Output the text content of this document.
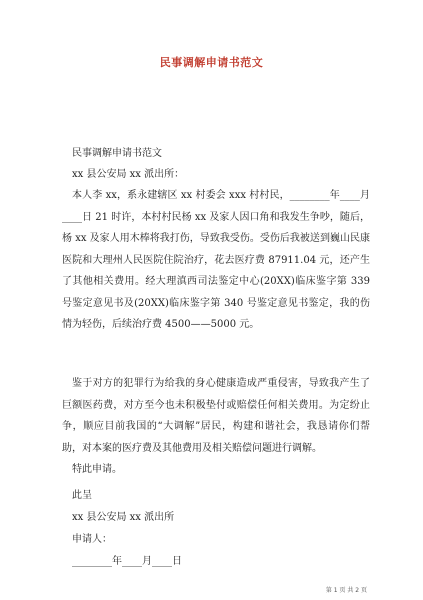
民事调解申请书范文
民事调解申请书范文
xx 县公安局 xx 派出所：
本人李 xx，系永建辖区 xx 村委会 xxx 村村民，________年____月____日 21 时许，本村村民杨 xx 及家人因口角和我发生争吵，随后，杨 xx 及家人用木棒将我打伤，导致我受伤。受伤后我被送到巍山民康医院和大理州人民医院住院治疗，花去医疗费 87911.04 元，还产生了其他相关费用。经大理滇西司法鉴定中心(20XX)临床鉴字第 339 号鉴定意见书及(20XX)临床鉴字第 340 号鉴定意见书鉴定，我的伤情为轻伤，后续治疗费 4500——5000 元。
鉴于对方的犯罪行为给我的身心健康造成严重侵害，导致我产生了巨额医药费，对方至今也未积极垫付或赔偿任何相关费用。为定纷止争，顺应目前我国的“大调解”居民，构建和谐社会，我恳请你们帮助，对本案的医疗费及其他费用及相关赔偿问题进行调解。
特此申请。
此呈
xx 县公安局 xx 派出所
申请人：
________年____月____日
第 1 页 共 2 页
